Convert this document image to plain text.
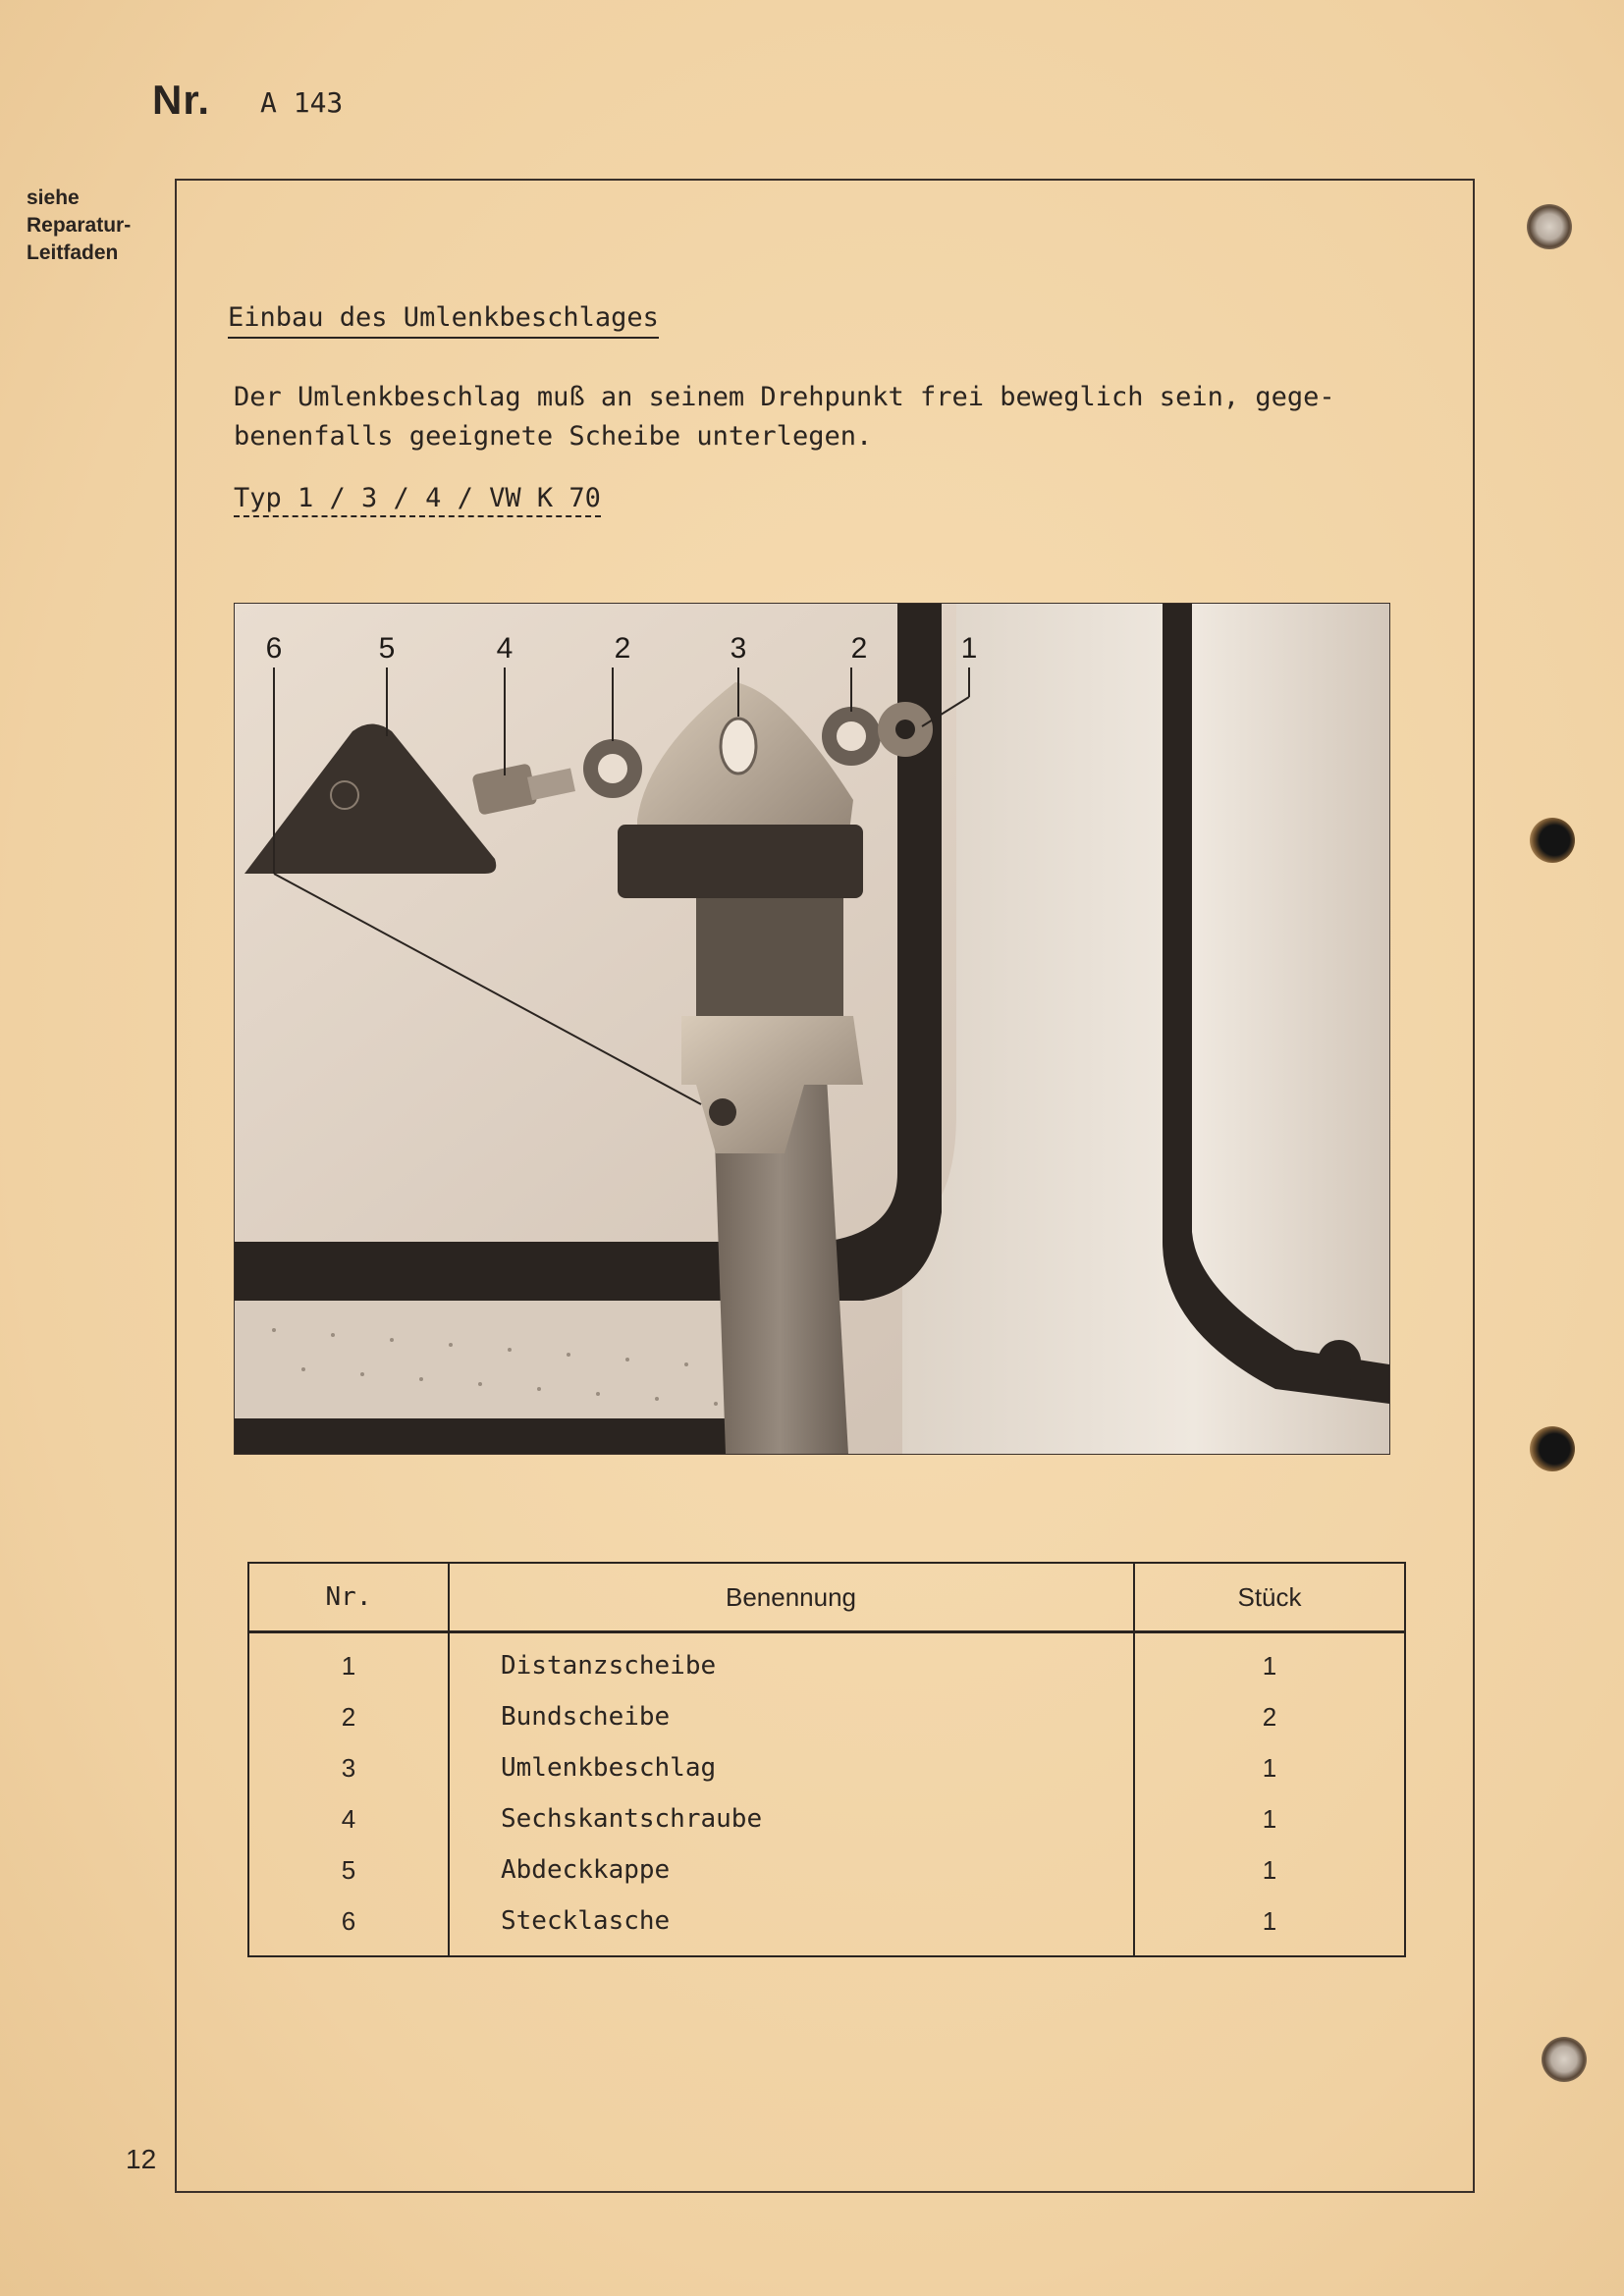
Nr. A 143
siehe
Reparatur-
Leitfaden
Einbau des Umlenkbeschlages
Der Umlenkbeschlag muß an seinem Drehpunkt frei beweglich sein, gege-
benenfalls geeignete Scheibe unterlegen.
Typ 1 / 3 / 4 / VW K 70
6	5	4	2	3	2	1
Nr.	Benennung	Stück
1	Distanzscheibe	1
2	Bundscheibe	2
3	Umlenkbeschlag	1
4	Sechskantschraube	1
5	Abdeckkappe	1
6	Stecklasche	1
12
